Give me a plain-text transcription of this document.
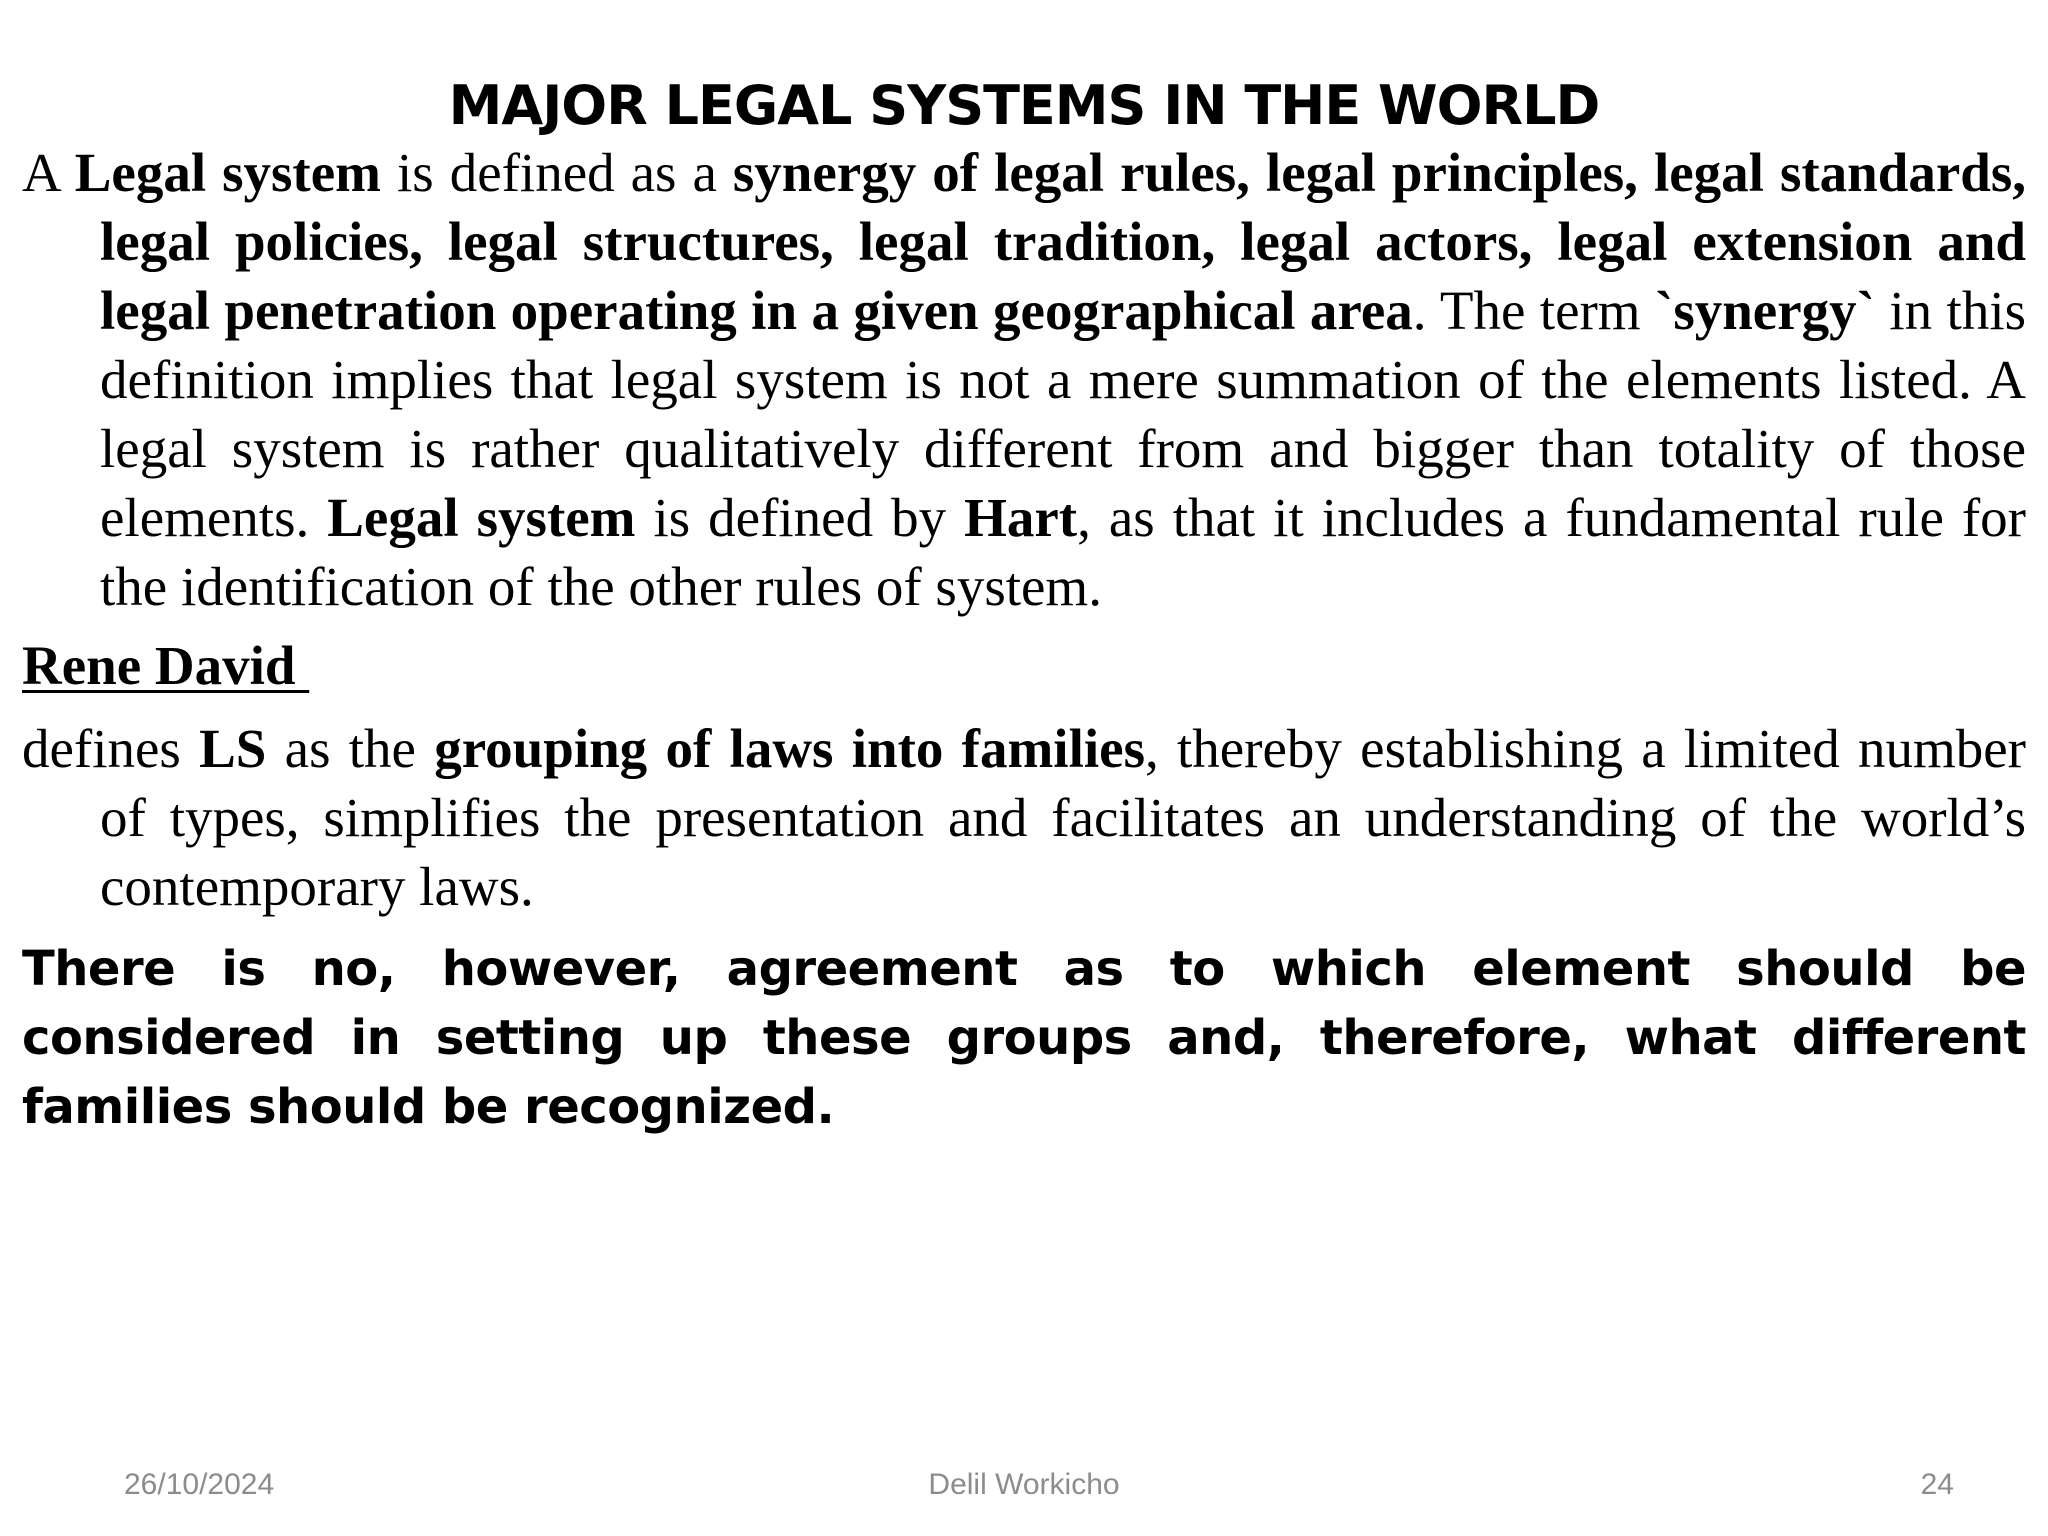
MAJOR LEGAL SYSTEMS IN THE WORLD

A Legal system is defined as a synergy of legal rules, legal principles, legal standards, legal policies, legal structures, legal tradition, legal actors, legal extension and legal penetration operating in a given geographical area. The term `synergy` in this definition implies that legal system is not a mere summation of the elements listed. A legal system is rather qualitatively different from and bigger than totality of those elements. Legal system is defined by Hart, as that it includes a fundamental rule for the identification of the other rules of system.

Rene David

defines LS as the grouping of laws into families, thereby establishing a limited number of types, simplifies the presentation and facilitates an understanding of the world’s contemporary laws.

There is no, however, agreement as to which element should be considered in setting up these groups and, therefore, what different families should be recognized.

26/10/2024	Delil Workicho	24
